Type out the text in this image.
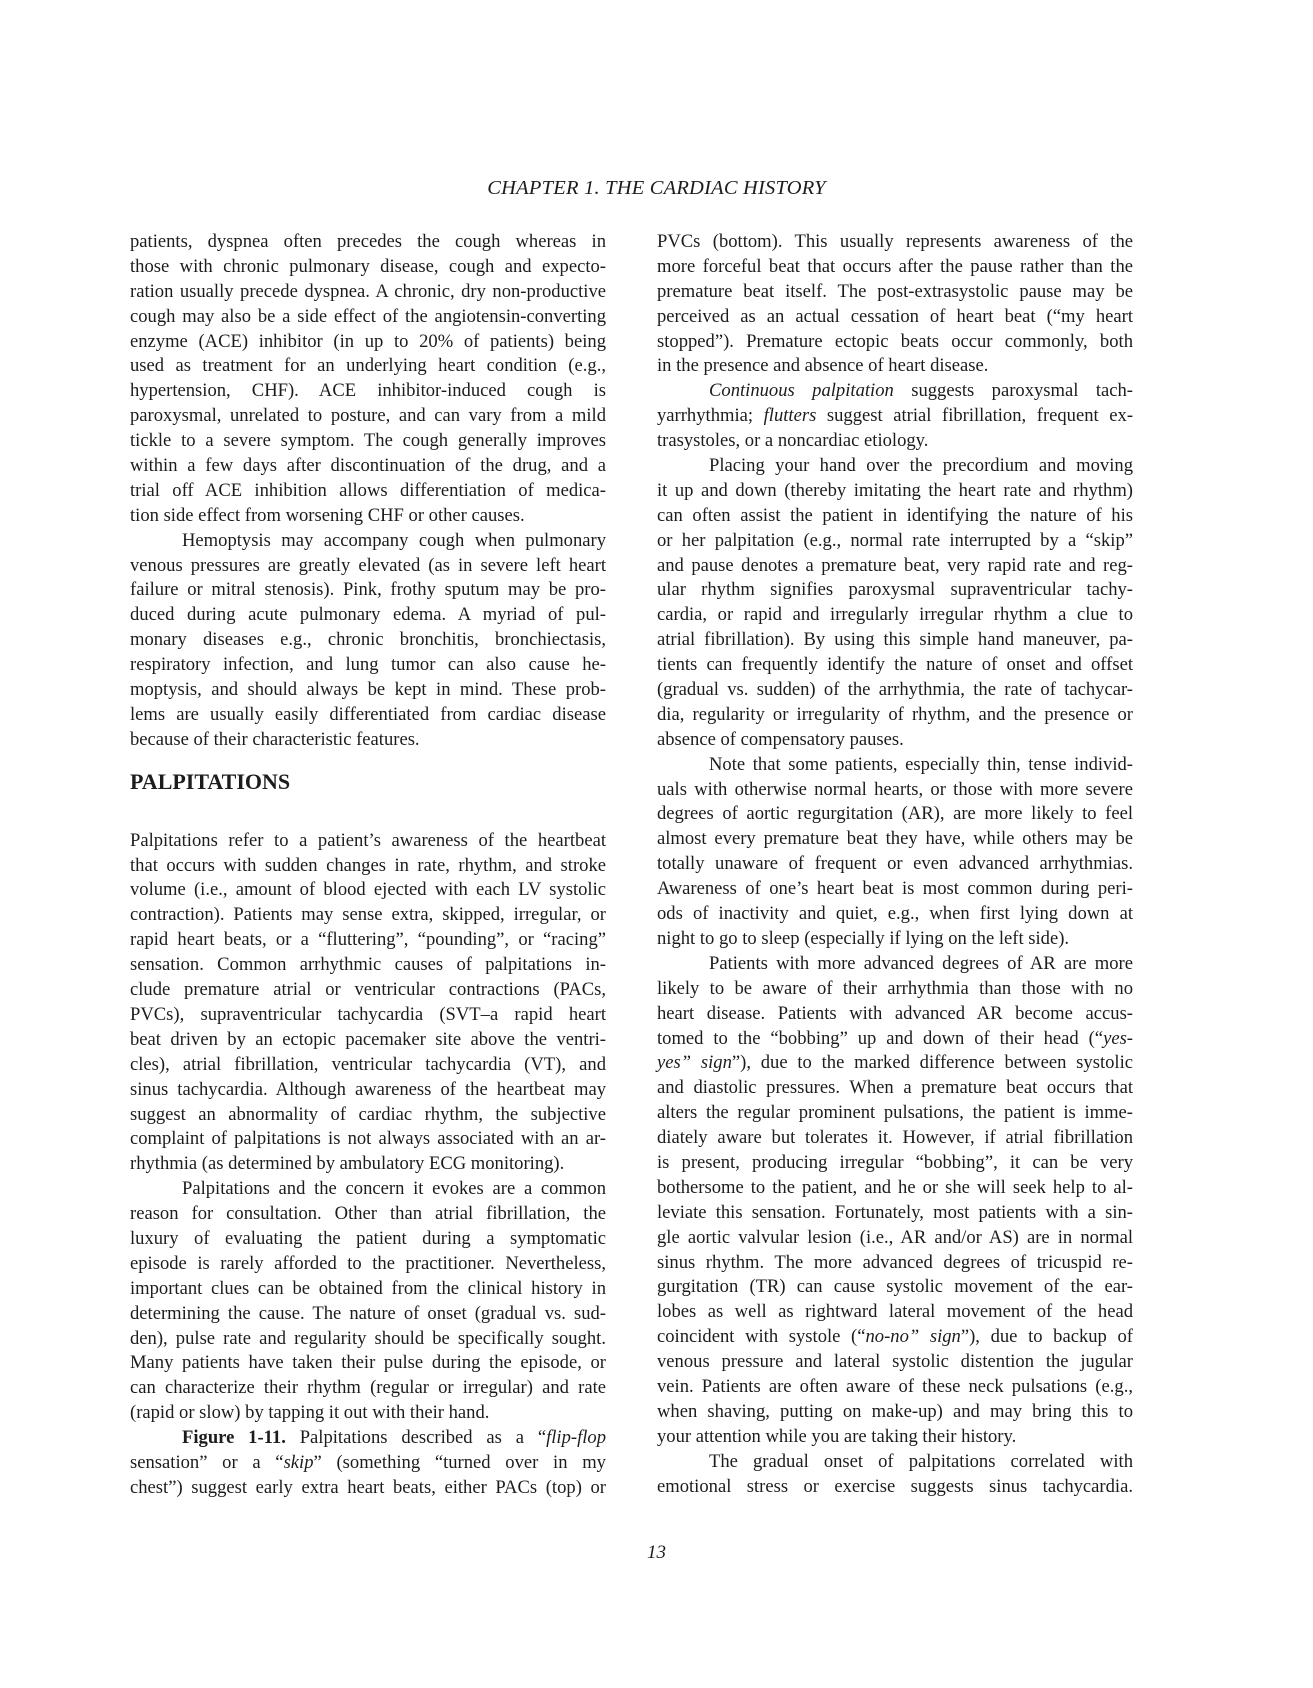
CHAPTER 1. THE CARDIAC HISTORY
patients, dyspnea often precedes the cough whereas in
those with chronic pulmonary disease, cough and expecto-
ration usually precede dyspnea. A chronic, dry non-productive
cough may also be a side effect of the angiotensin-converting
enzyme (ACE) inhibitor (in up to 20% of patients) being
used as treatment for an underlying heart condition (e.g.,
hypertension, CHF). ACE inhibitor-induced cough is
paroxysmal, unrelated to posture, and can vary from a mild
tickle to a severe symptom. The cough generally improves
within a few days after discontinuation of the drug, and a
trial off ACE inhibition allows differentiation of medica-
tion side effect from worsening CHF or other causes.
Hemoptysis may accompany cough when pulmonary
venous pressures are greatly elevated (as in severe left heart
failure or mitral stenosis). Pink, frothy sputum may be pro-
duced during acute pulmonary edema. A myriad of pul-
monary diseases e.g., chronic bronchitis, bronchiectasis,
respiratory infection, and lung tumor can also cause he-
moptysis, and should always be kept in mind. These prob-
lems are usually easily differentiated from cardiac disease
because of their characteristic features.
PALPITATIONS
Palpitations refer to a patient’s awareness of the heartbeat
that occurs with sudden changes in rate, rhythm, and stroke
volume (i.e., amount of blood ejected with each LV systolic
contraction). Patients may sense extra, skipped, irregular, or
rapid heart beats, or a “fluttering”, “pounding”, or “racing”
sensation. Common arrhythmic causes of palpitations in-
clude premature atrial or ventricular contractions (PACs,
PVCs), supraventricular tachycardia (SVT–a rapid heart
beat driven by an ectopic pacemaker site above the ventri-
cles), atrial fibrillation, ventricular tachycardia (VT), and
sinus tachycardia. Although awareness of the heartbeat may
suggest an abnormality of cardiac rhythm, the subjective
complaint of palpitations is not always associated with an ar-
rhythmia (as determined by ambulatory ECG monitoring).
Palpitations and the concern it evokes are a common
reason for consultation. Other than atrial fibrillation, the
luxury of evaluating the patient during a symptomatic
episode is rarely afforded to the practitioner. Nevertheless,
important clues can be obtained from the clinical history in
determining the cause. The nature of onset (gradual vs. sud-
den), pulse rate and regularity should be specifically sought.
Many patients have taken their pulse during the episode, or
can characterize their rhythm (regular or irregular) and rate
(rapid or slow) by tapping it out with their hand.
Figure 1-11. Palpitations described as a “flip-flop
sensation” or a “skip” (something “turned over in my
chest”) suggest early extra heart beats, either PACs (top) or
PVCs (bottom). This usually represents awareness of the
more forceful beat that occurs after the pause rather than the
premature beat itself. The post-extrasystolic pause may be
perceived as an actual cessation of heart beat (“my heart
stopped”). Premature ectopic beats occur commonly, both
in the presence and absence of heart disease.
Continuous palpitation suggests paroxysmal tach-
yarrhythmia; flutters suggest atrial fibrillation, frequent ex-
trasystoles, or a noncardiac etiology.
Placing your hand over the precordium and moving
it up and down (thereby imitating the heart rate and rhythm)
can often assist the patient in identifying the nature of his
or her palpitation (e.g., normal rate interrupted by a “skip”
and pause denotes a premature beat, very rapid rate and reg-
ular rhythm signifies paroxysmal supraventricular tachy-
cardia, or rapid and irregularly irregular rhythm a clue to
atrial fibrillation). By using this simple hand maneuver, pa-
tients can frequently identify the nature of onset and offset
(gradual vs. sudden) of the arrhythmia, the rate of tachycar-
dia, regularity or irregularity of rhythm, and the presence or
absence of compensatory pauses.
Note that some patients, especially thin, tense individ-
uals with otherwise normal hearts, or those with more severe
degrees of aortic regurgitation (AR), are more likely to feel
almost every premature beat they have, while others may be
totally unaware of frequent or even advanced arrhythmias.
Awareness of one’s heart beat is most common during peri-
ods of inactivity and quiet, e.g., when first lying down at
night to go to sleep (especially if lying on the left side).
Patients with more advanced degrees of AR are more
likely to be aware of their arrhythmia than those with no
heart disease. Patients with advanced AR become accus-
tomed to the “bobbing” up and down of their head (“yes-
yes” sign”), due to the marked difference between systolic
and diastolic pressures. When a premature beat occurs that
alters the regular prominent pulsations, the patient is imme-
diately aware but tolerates it. However, if atrial fibrillation
is present, producing irregular “bobbing”, it can be very
bothersome to the patient, and he or she will seek help to al-
leviate this sensation. Fortunately, most patients with a sin-
gle aortic valvular lesion (i.e., AR and/or AS) are in normal
sinus rhythm. The more advanced degrees of tricuspid re-
gurgitation (TR) can cause systolic movement of the ear-
lobes as well as rightward lateral movement of the head
coincident with systole (“no-no” sign”), due to backup of
venous pressure and lateral systolic distention the jugular
vein. Patients are often aware of these neck pulsations (e.g.,
when shaving, putting on make-up) and may bring this to
your attention while you are taking their history.
The gradual onset of palpitations correlated with
emotional stress or exercise suggests sinus tachycardia.
13
